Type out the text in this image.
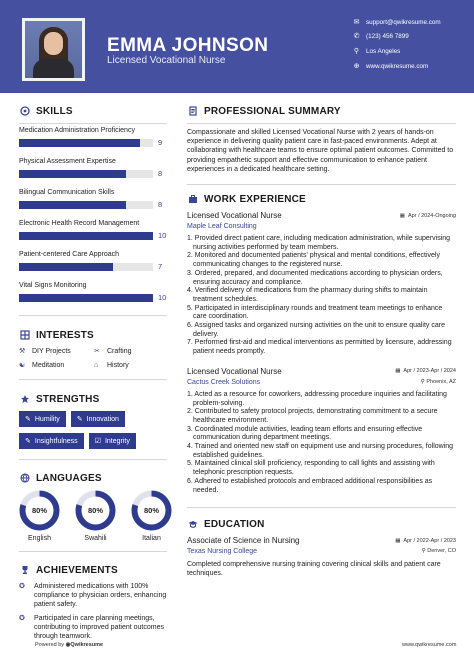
EMMA JOHNSON
Licensed Vocational Nurse
✉ support@qwikresume.com
✆ (123) 456 7899
⚲	Los Angeles
⊕ www.qwikresume.com
SKILLS
Medication Administration Proficiency
9
Physical Assessment Expertise
8
Bilingual Communication Skills
8
Electronic Health Record Management
10
Patient-centered Care Approach
7
Vital Signs Monitoring
10
INTERESTS
⚒ DIY Projects	✂	Crafting
☯ Meditation	⌂	History
STRENGTHS
✎ Humility ✎ Innovation
✎ Insightfulness ☑ Integrity
LANGUAGES
80%
English
80%
Swahili
80%
Italian
ACHIEVEMENTS
✪	Administered medications with 100% compliance to physician orders, enhancing patient safety.
✪	Participated in care planning meetings, contributing to improved patient outcomes through teamwork.
PROFESSIONAL SUMMARY
Compassionate and skilled Licensed Vocational Nurse with 2 years of hands-on experience in delivering quality patient care in fast-paced environments. Adept at collaborating with healthcare teams to ensure optimal patient outcomes. Committed to providing empathetic support and effective communication to enhance patient experiences in a dedicated healthcare setting.
WORK EXPERIENCE
Licensed Vocational Nurse	▦ Apr / 2024-Ongoing
Maple Leaf Consulting
1. Provided direct patient care, including medication administration, while supervising nursing activities performed by team members.
2. Monitored and documented patients' physical and mental conditions, effectively communicating changes to the registered nurse.
3. Ordered, prepared, and documented medications according to physician orders, ensuring accuracy and compliance.
4. Verified delivery of medications from the pharmacy during shifts to maintain treatment schedules.
5. Participated in interdisciplinary rounds and treatment team meetings to enhance care coordination.
6. Assigned tasks and organized nursing activities on the unit to ensure quality care delivery.
7. Performed first-aid and medical interventions as permitted by licensure, addressing patient needs promptly.
Licensed Vocational Nurse	▦ Apr / 2023-Apr / 2024
Cactus Creek Solutions	⚲ Phoenix, AZ
1. Acted as a resource for coworkers, addressing procedure inquiries and facilitating problem-solving.
2. Contributed to safety protocol projects, demonstrating commitment to a secure healthcare environment.
3. Coordinated module activities, leading team efforts and ensuring effective communication during department meetings.
4. Trained and oriented new staff on equipment use and nursing procedures, following established guidelines.
5. Maintained clinical skill proficiency, responding to call lights and assisting with telephonic prescription requests.
6. Adhered to established protocols and embraced additional responsibilities as needed.
EDUCATION
Associate of Science in Nursing	▦ Apr / 2022-Apr / 2023
Texas Nursing College	⚲ Denver, CO
Completed comprehensive nursing training covering clinical skills and patient care techniques.
Powered by ◉Qwikresume	www.qwikresume.com
